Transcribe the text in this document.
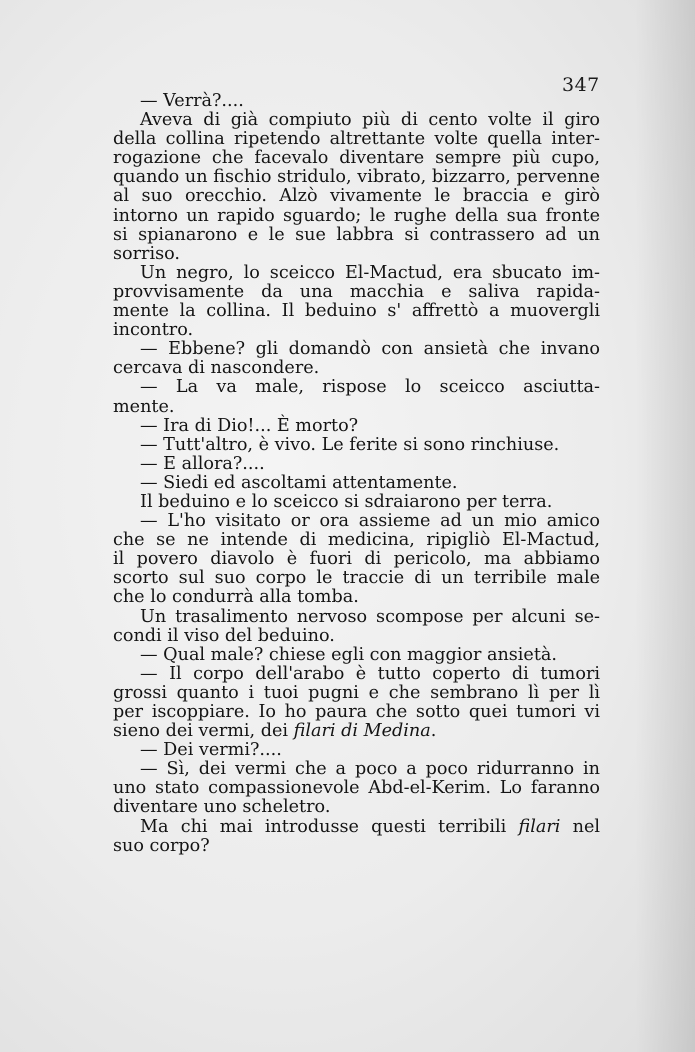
347
— Verrà?....
Aveva di già compiuto più di cento volte il giro
della collina ripetendo altrettante volte quella inter-
rogazione che facevalo diventare sempre più cupo,
quando un fischio stridulo, vibrato, bizzarro, pervenne
al suo orecchio. Alzò vivamente le braccia e girò
intorno un rapido sguardo; le rughe della sua fronte
si spianarono e le sue labbra si contrassero ad un
sorriso.
Un negro, lo sceicco El-Mactud, era sbucato im-
provvisamente da una macchia e saliva rapida-
mente la collina. Il beduino s' affrettò a muovergli
incontro.
— Ebbene? gli domandò con ansietà che invano
cercava di nascondere.
— La va male, rispose lo sceicco asciutta-
mente.
— Ira di Dio!... È morto?
— Tutt'altro, è vivo. Le ferite si sono rinchiuse.
— E allora?....
— Siedi ed ascoltami attentamente.
Il beduino e lo sceicco si sdraiarono per terra.
— L'ho visitato or ora assieme ad un mio amico
che se ne intende di medicina, ripigliò El-Mactud,
il povero diavolo è fuori di pericolo, ma abbiamo
scorto sul suo corpo le traccie di un terribile male
che lo condurrà alla tomba.
Un trasalimento nervoso scompose per alcuni se-
condi il viso del beduino.
— Qual male? chiese egli con maggior ansietà.
— Il corpo dell'arabo è tutto coperto di tumori
grossi quanto i tuoi pugni e che sembrano lì per lì
per iscoppiare. Io ho paura che sotto quei tumori vi
sieno dei vermi, dei filari di Medina.
— Dei vermi?....
— Sì, dei vermi che a poco a poco ridurranno in
uno stato compassionevole Abd-el-Kerim. Lo faranno
diventare uno scheletro.
Ma chi mai introdusse questi terribili filari nel
suo corpo?
